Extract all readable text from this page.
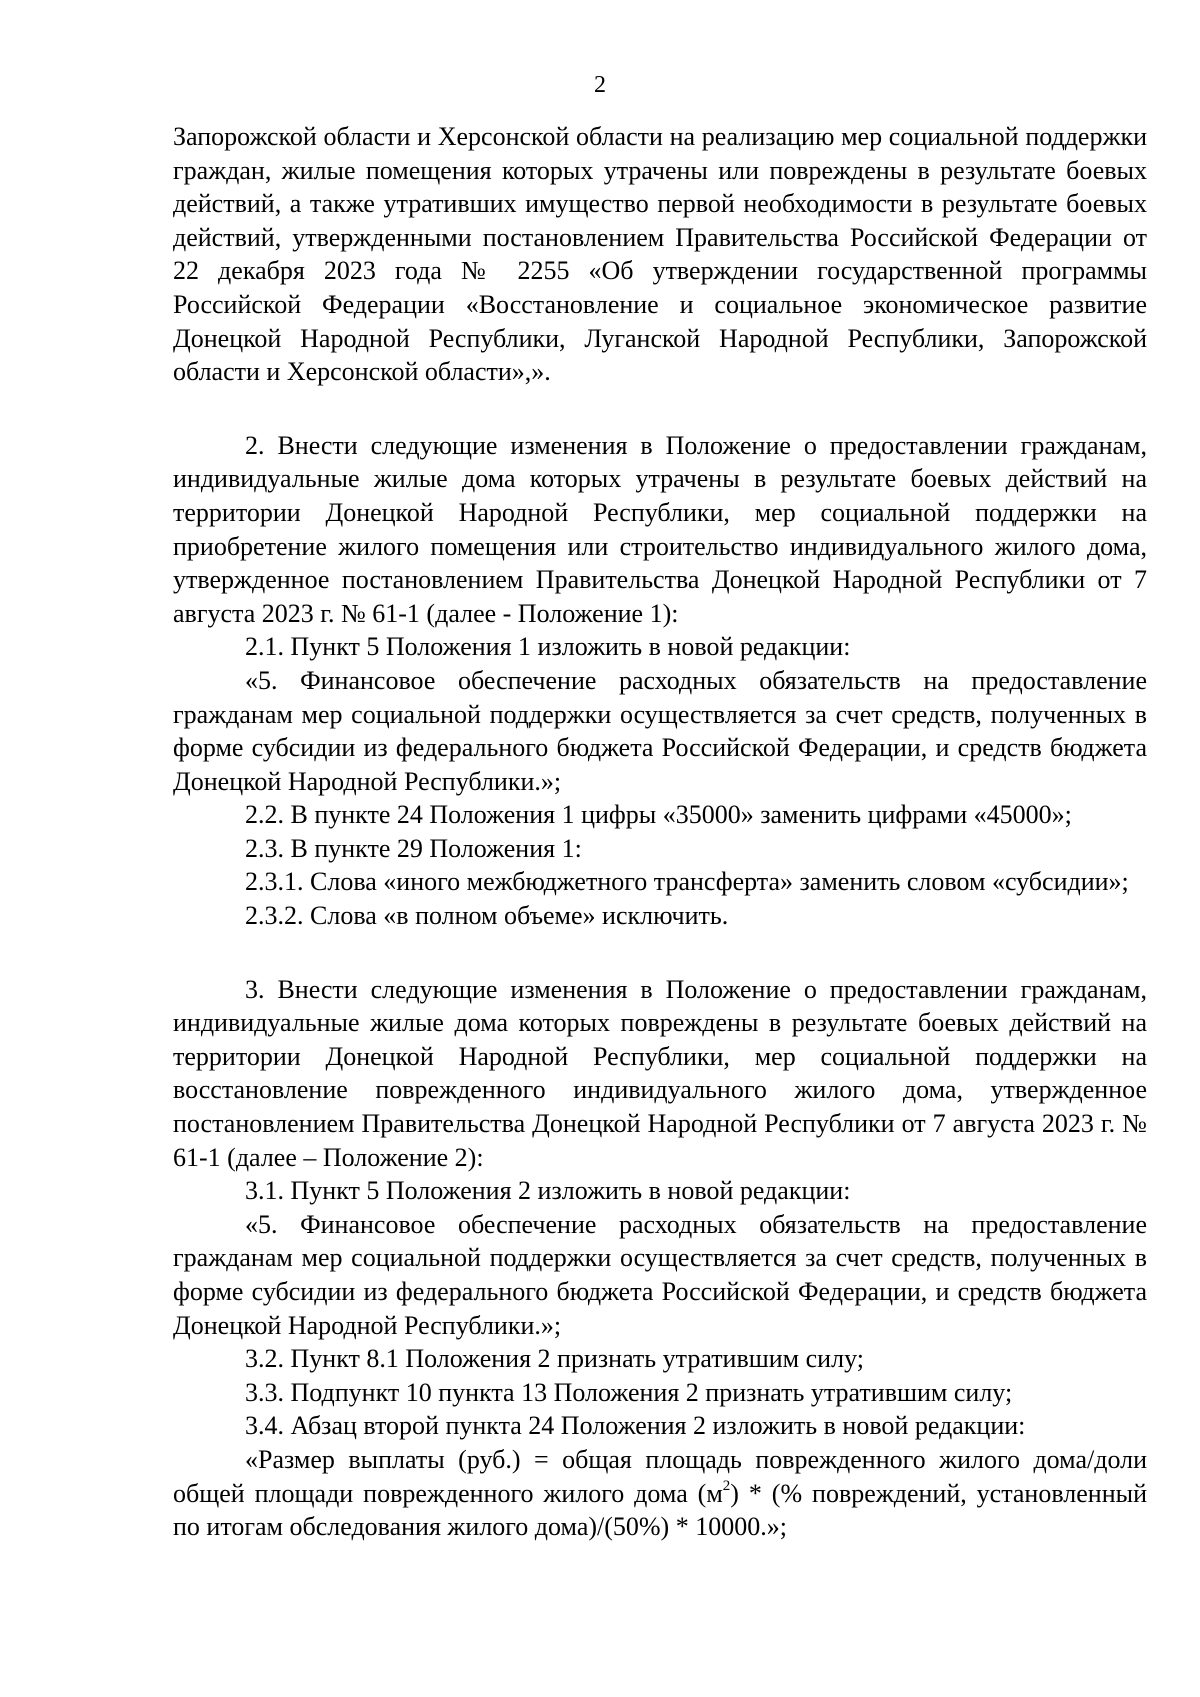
2

Запорожской области и Херсонской области на реализацию мер социальной поддержки граждан, жилые помещения которых утрачены или повреждены в результате боевых действий, а также утративших имущество первой необходимости в результате боевых действий, утвержденными постановлением Правительства Российской Федерации от 22 декабря 2023 года № 2255 «Об утверждении государственной программы Российской Федерации «Восстановление и социальное экономическое развитие Донецкой Народной Республики, Луганской Народной Республики, Запорожской области и Херсонской области»,».

2. Внести следующие изменения в Положение о предоставлении гражданам, индивидуальные жилые дома которых утрачены в результате боевых действий на территории Донецкой Народной Республики, мер социальной поддержки на приобретение жилого помещения или строительство индивидуального жилого дома, утвержденное постановлением Правительства Донецкой Народной Республики от 7 августа 2023 г. № 61-1 (далее - Положение 1):

2.1. Пункт 5 Положения 1 изложить в новой редакции:

«5. Финансовое обеспечение расходных обязательств на предоставление гражданам мер социальной поддержки осуществляется за счет средств, полученных в форме субсидии из федерального бюджета Российской Федерации, и средств бюджета Донецкой Народной Республики.»;

2.2. В пункте 24 Положения 1 цифры «35000» заменить цифрами «45000»;

2.3. В пункте 29 Положения 1:

2.3.1. Слова «иного межбюджетного трансферта» заменить словом «субсидии»;

2.3.2. Слова «в полном объеме» исключить.

3. Внести следующие изменения в Положение о предоставлении гражданам, индивидуальные жилые дома которых повреждены в результате боевых действий на территории Донецкой Народной Республики, мер социальной поддержки на восстановление поврежденного индивидуального жилого дома, утвержденное постановлением Правительства Донецкой Народной Республики от 7 августа 2023 г. № 61-1 (далее – Положение 2):

3.1. Пункт 5 Положения 2 изложить в новой редакции:

«5. Финансовое обеспечение расходных обязательств на предоставление гражданам мер социальной поддержки осуществляется за счет средств, полученных в форме субсидии из федерального бюджета Российской Федерации, и средств бюджета Донецкой Народной Республики.»;

3.2. Пункт 8.1 Положения 2 признать утратившим силу;

3.3. Подпункт 10 пункта 13 Положения 2 признать утратившим силу;

3.4. Абзац второй пункта 24 Положения 2 изложить в новой редакции:

«Размер выплаты (руб.) = общая площадь поврежденного жилого дома/доли общей площади поврежденного жилого дома $(м^2)$ * (% повреждений, установленный по итогам обследования жилого дома)/(50%) * 10000.»;
